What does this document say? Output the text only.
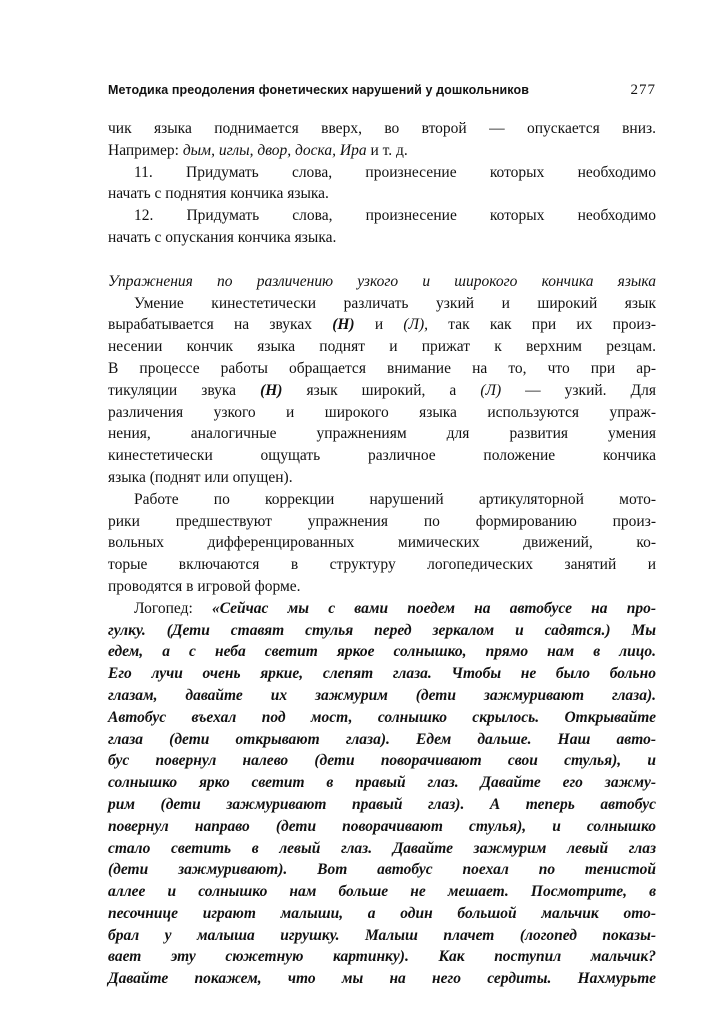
Методика преодоления фонетических нарушений у дошкольников	277
чик языка поднимается вверх, во второй — опускается вниз.
Например: дым, иглы, двор, доска, Ира и т. д.
11. Придумать слова, произнесение которых необходимо
начать с поднятия кончика языка.
12. Придумать слова, произнесение которых необходимо
начать с опускания кончика языка.
Упражнения по различению узкого и широкого кончика языка
Умение кинестетически различать узкий и широкий язык
вырабатывается на звуках (Н) и (Л), так как при их произ-
несении кончик языка поднят и прижат к верхним резцам.
В процессе работы обращается внимание на то, что при ар-
тикуляции звука (Н) язык широкий, а (Л) — узкий. Для
различения узкого и широкого языка используются упраж-
нения, аналогичные упражнениям для развития умения
кинестетически ощущать различное положение кончика
языка (поднят или опущен).
Работе по коррекции нарушений артикуляторной мото-
рики предшествуют упражнения по формированию произ-
вольных дифференцированных мимических движений, ко-
торые включаются в структуру логопедических занятий и
проводятся в игровой форме.
Логопед: «Сейчас мы с вами поедем на автобусе на про-
гулку. (Дети ставят стулья перед зеркалом и садятся.) Мы
едем, а с неба светит яркое солнышко, прямо нам в лицо.
Его лучи очень яркие, слепят глаза. Чтобы не было больно
глазам, давайте их зажмурим (дети зажмуривают глаза).
Автобус въехал под мост, солнышко скрылось. Открывайте
глаза (дети открывают глаза). Едем дальше. Наш авто-
бус повернул налево (дети поворачивают свои стулья), и
солнышко ярко светит в правый глаз. Давайте его зажму-
рим (дети зажмуривают правый глаз). А теперь автобус
повернул направо (дети поворачивают стулья), и солнышко
стало светить в левый глаз. Давайте зажмурим левый глаз
(дети зажмуривают). Вот автобус поехал по тенистой
аллее и солнышко нам больше не мешает. Посмотрите, в
песочнице играют малыши, а один большой мальчик ото-
брал у малыша игрушку. Малыш плачет (логопед показы-
вает эту сюжетную картинку). Как поступил мальчик?
Давайте покажем, что мы на него сердиты. Нахмурьте
